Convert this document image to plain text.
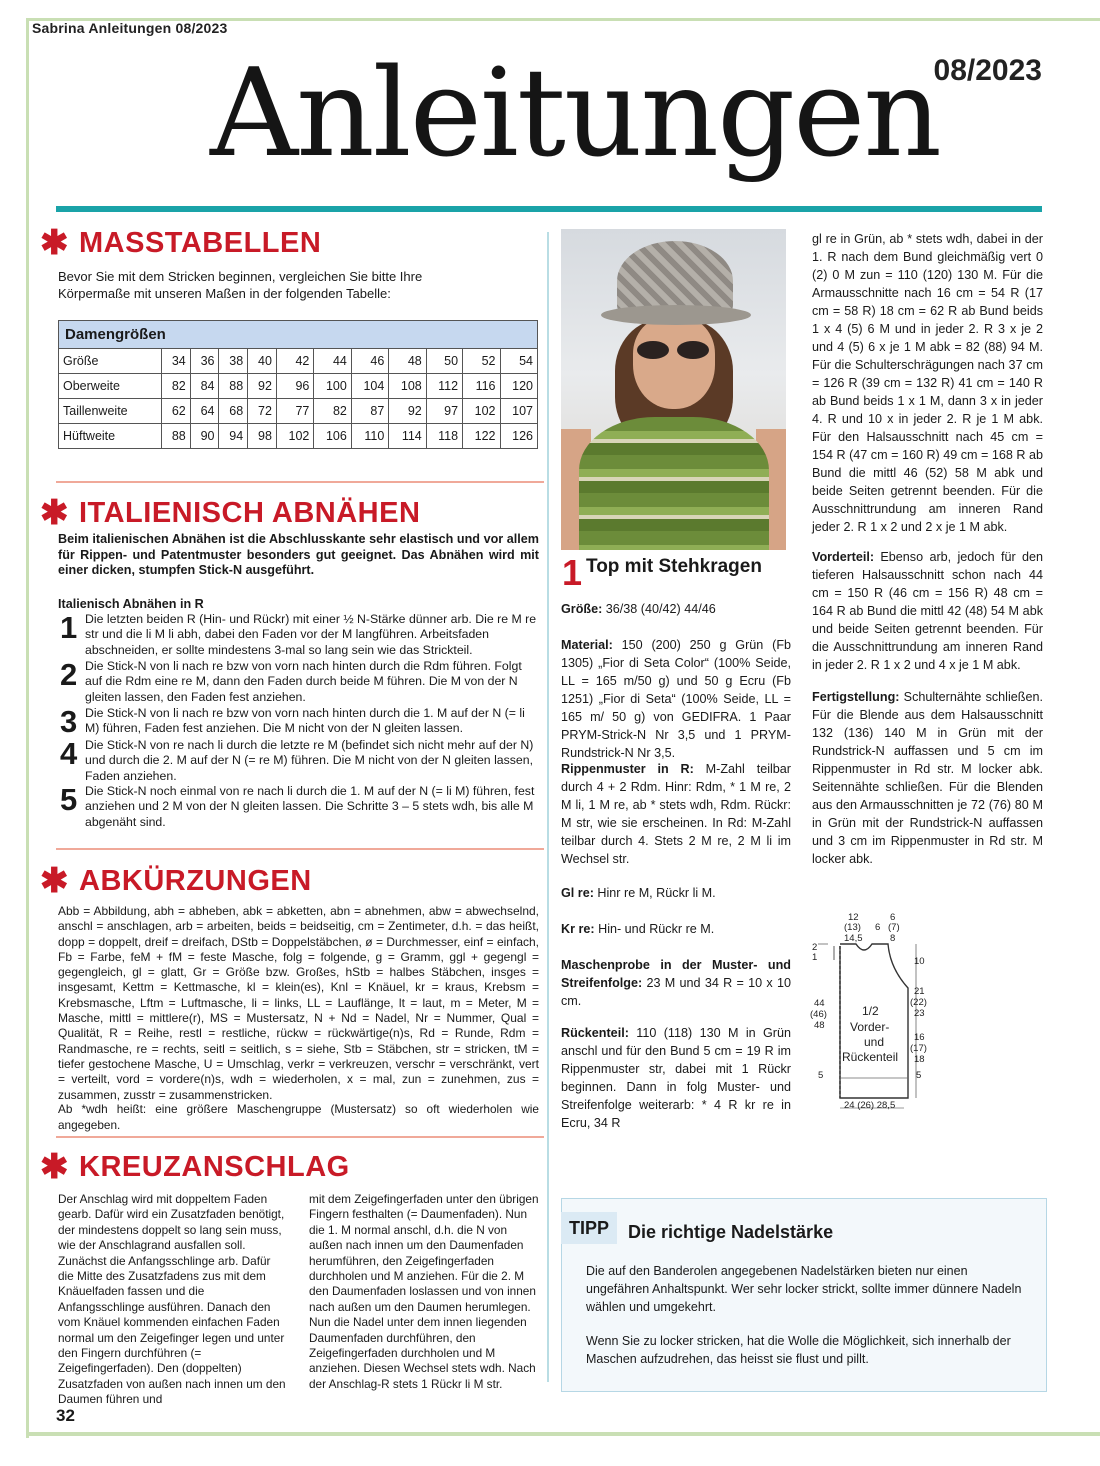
Sabrina Anleitungen 08/2023
Anleitungen
08/2023
✱ MASSTABELLEN
Bevor Sie mit dem Stricken beginnen, vergleichen Sie bitte Ihre Körpermaße mit unseren Maßen in der folgenden Tabelle:
Damengrößen											
Größe	34	36	38	40	42	44	46	48	50	52	54
Oberweite	82	84	88	92	96	100	104	108	112	116	120
Taillenweite	62	64	68	72	77	82	87	92	97	102	107
Hüftweite	88	90	94	98	102	106	110	114	118	122	126
✱ ITALIENISCH ABNÄHEN
Beim italienischen Abnähen ist die Abschlusskante sehr elastisch und vor allem für Rippen- und Patentmuster besonders gut geeignet. Das Abnähen wird mit einer dicken, stumpfen Stick-N ausgeführt.
Italienisch Abnähen in R
1 Die letzten beiden R (Hin- und Rückr) mit einer ½ N-Stärke dünner arb. Die re M re str und die li M li abh, dabei den Faden vor der M langführen. Arbeitsfaden abschneiden, er sollte mindestens 3-mal so lang sein wie das Strickteil.
2 Die Stick-N von li nach re bzw von vorn nach hinten durch die Rdm führen. Folgt auf die Rdm eine re M, dann den Faden durch beide M führen. Die M von der N gleiten lassen, den Faden fest anziehen.
3 Die Stick-N von li nach re bzw von vorn nach hinten durch die 1. M auf der N (= li M) führen, Faden fest anziehen. Die M nicht von der N gleiten lassen.
4 Die Stick-N von re nach li durch die letzte re M (befindet sich nicht mehr auf der N) und durch die 2. M auf der N (= re M) führen. Die M nicht von der N gleiten lassen, Faden anziehen.
5 Die Stick-N noch einmal von re nach li durch die 1. M auf der N (= li M) führen, fest anziehen und 2 M von der N gleiten lassen. Die Schritte 3 – 5 stets wdh, bis alle M abgenäht sind.
✱ ABKÜRZUNGEN
Abb = Abbildung, abh = abheben, abk = abketten, abn = abnehmen, abw = abwechselnd, anschl = anschlagen, arb = arbeiten, beids = beidseitig, cm = Zentimeter, d.h. = das heißt, dopp = doppelt, dreif = dreifach, DStb = Doppelstäbchen, ø = Durchmesser, einf = einfach, Fb = Farbe, feM + fM = feste Masche, folg = folgende, g = Gramm, ggl + gegengl = gegengleich, gl = glatt, Gr = Größe bzw. Großes, hStb = halbes Stäbchen, insges = insgesamt, Kettm = Kettmasche, kl = klein(es), Knl = Knäuel, kr = kraus, Krebsm = Krebsmasche, Lftm = Luftmasche, li = links, LL = Lauflänge, lt = laut, m = Meter, M = Masche, mittl = mittlere(r), MS = Mustersatz, N + Nd = Nadel, Nr = Nummer, Qual = Qualität, R = Reihe, restl = restliche, rückw = rückwärtige(n)s, Rd = Runde, Rdm = Randmasche, re = rechts, seitl = seitlich, s = siehe, Stb = Stäbchen, str = stricken, tM = tiefer gestochene Masche, U = Umschlag, verkr = verkreuzen, verschr = verschränkt, vert = verteilt, vord = vordere(n)s, wdh = wiederholen, x = mal, zun = zunehmen, zus = zusammen, zusstr = zusammenstricken.
Ab *wdh heißt: eine größere Maschengruppe (Mustersatz) so oft wiederholen wie angegeben.
✱ KREUZANSCHLAG
Der Anschlag wird mit doppeltem Faden gearb. Dafür wird ein Zusatzfaden benötigt, der mindestens doppelt so lang sein muss, wie der Anschlagrand ausfallen soll. Zunächst die Anfangsschlinge arb. Dafür die Mitte des Zusatzfadens zus mit dem Knäuelfaden fassen und die Anfangsschlinge ausführen. Danach den vom Knäuel kommenden einfachen Faden normal um den Zeigefinger legen und unter den Fingern durchführen (= Zeigefingerfaden). Den (doppelten) Zusatzfaden von außen nach innen um den Daumen führen und
mit dem Zeigefingerfaden unter den übrigen Fingern festhalten (= Daumenfaden). Nun die 1. M normal anschl, d.h. die N von außen nach innen um den Daumenfaden herumführen, den Zeigefingerfaden durchholen und M anziehen. Für die 2. M den Daumenfaden loslassen und von innen nach außen um den Daumen herumlegen. Nun die Nadel unter dem innen liegenden Daumenfaden durchführen, den Zeigefingerfaden durchholen und M anziehen. Diesen Wechsel stets wdh. Nach der Anschlag-R stets 1 Rückr li M str.
32
1 Top mit Stehkragen
Größe: 36/38 (40/42) 44/46
Material: 150 (200) 250 g Grün (Fb 1305) „Fior di Seta Color“ (100% Seide, LL = 165 m/50 g) und 50 g Ecru (Fb 1251) „Fior di Seta“ (100% Seide, LL = 165 m/ 50 g) von GEDIFRA. 1 Paar PRYM-Strick-N Nr 3,5 und 1 PRYM-Rundstrick-N Nr 3,5.
Rippenmuster in R: M-Zahl teilbar durch 4 + 2 Rdm. Hinr: Rdm, * 1 M re, 2 M li, 1 M re, ab * stets wdh, Rdm. Rückr: M str, wie sie erscheinen. In Rd: M-Zahl teilbar durch 4. Stets 2 M re, 2 M li im Wechsel str.
Gl re: Hinr re M, Rückr li M.
Kr re: Hin- und Rückr re M.
Maschenprobe in der Muster- und Streifenfolge: 23 M und 34 R = 10 x 10 cm.
Rückenteil: 110 (118) 130 M in Grün anschl und für den Bund 5 cm = 19 R im Rippenmuster str, dabei mit 1 Rückr beginnen. Dann in folg Muster- und Streifenfolge weiterarb: * 4 R kr re in Ecru, 34 R
gl re in Grün, ab * stets wdh, dabei in der 1. R nach dem Bund gleichmäßig vert 0 (2) 0 M zun = 110 (120) 130 M. Für die Armausschnitte nach 16 cm = 54 R (17 cm = 58 R) 18 cm = 62 R ab Bund beids 1 x 4 (5) 6 M und in jeder 2. R 3 x je 2 und 4 (5) 6 x je 1 M abk = 82 (88) 94 M. Für die Schulterschrägungen nach 37 cm = 126 R (39 cm = 132 R) 41 cm = 140 R ab Bund beids 1 x 1 M, dann 3 x in jeder 4. R und 10 x in jeder 2. R je 1 M abk. Für den Halsausschnitt nach 45 cm = 154 R (47 cm = 160 R) 49 cm = 168 R ab Bund die mittl 46 (52) 58 M abk und beide Seiten getrennt beenden. Für die Ausschnittrundung am inneren Rand jeder 2. R 1 x 2 und 2 x je 1 M abk.
Vorderteil: Ebenso arb, jedoch für den tieferen Halsausschnitt schon nach 44 cm = 150 R (46 cm = 156 R) 48 cm = 164 R ab Bund die mittl 42 (48) 54 M abk und beide Seiten getrennt beenden. Für die Ausschnittrundung am inneren Rand in jeder 2. R 1 x 2 und 4 x je 1 M abk.
Fertigstellung: Schulternähte schließen. Für die Blende aus dem Halsausschnitt 132 (136) 140 M in Grün mit der Rundstrick-N auffassen und 5 cm im Rippenmuster in Rd str. M locker abk. Seitennähte schließen. Für die Blenden aus den Armausschnitten je 72 (76) 80 M in Grün mit der Rundstrick-N auffassen und 3 cm im Rippenmuster in Rd str. M locker abk.
12
(13)
14,5
6
6
(7)
8
2
1	10
44
(46)
48
21
(22)
23
1/2
Vorder-
und
Rückenteil
16
(17)
18
5	5
24 (26) 28,5
TIPP	Die richtige Nadelstärke
Die auf den Banderolen angegebenen Nadelstärken bieten nur einen ungefähren Anhaltspunkt. Wer sehr locker strickt, sollte immer dünnere Nadeln wählen und umgekehrt.
Wenn Sie zu locker stricken, hat die Wolle die Möglichkeit, sich innerhalb der Maschen aufzudrehen, das heisst sie flust und pillt.
